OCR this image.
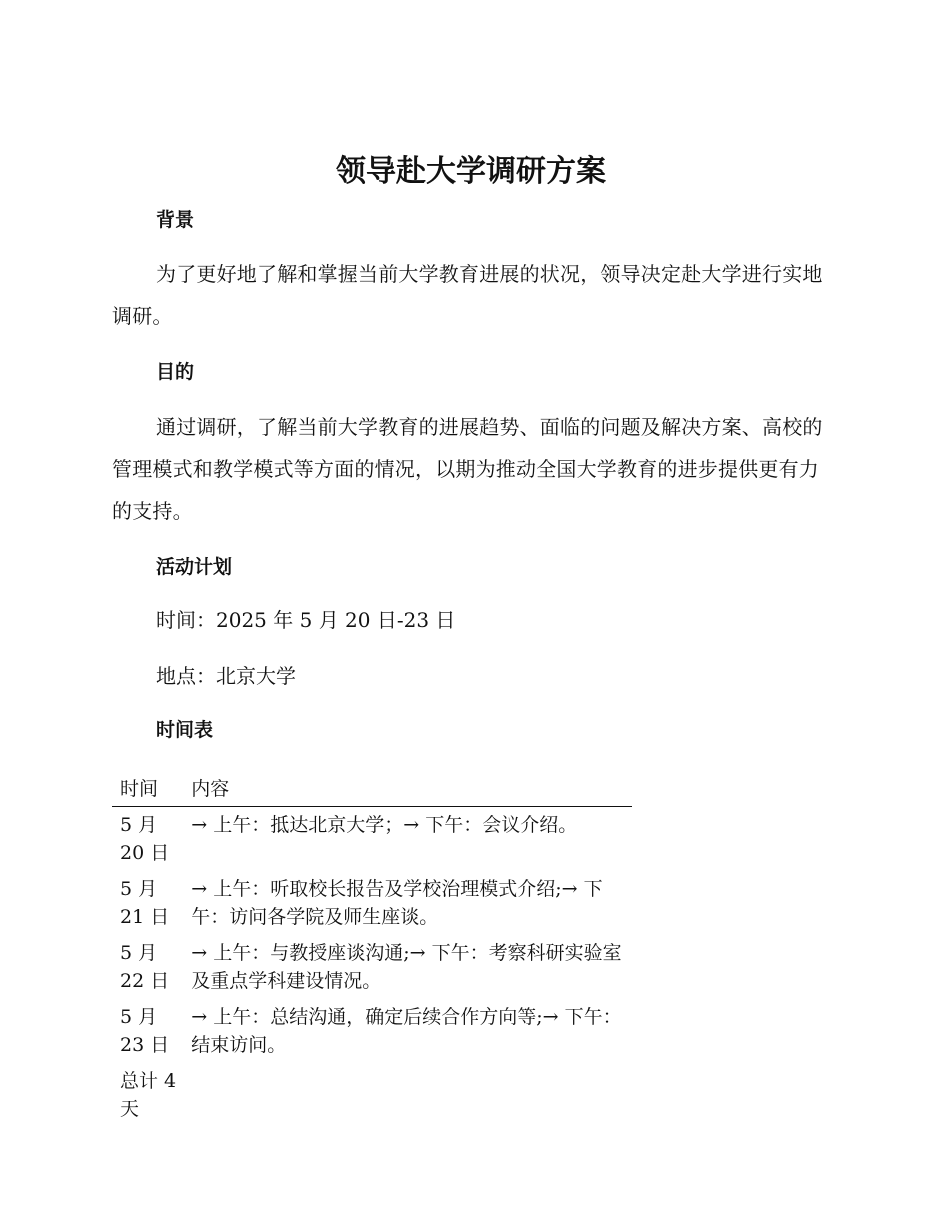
领导赴大学调研方案
背景

为了更好地了解和掌握当前大学教育进展的状况，领导决定赴大学进行实地调研。

目的

通过调研，了解当前大学教育的进展趋势、面临的问题及解决方案、高校的管理模式和教学模式等方面的情况，以期为推动全国大学教育的进步提供更有力的支持。

活动计划

时间：2025 年 5 月 20 日-23 日

地点：北京大学

时间表
时间	内容
5 月 20 日	→ 上午：抵达北京大学；→ 下午：会议介绍。
5 月 21 日	→ 上午：听取校长报告及学校治理模式介绍;→ 下午：访问各学院及师生座谈。
5 月 22 日	→ 上午：与教授座谈沟通;→ 下午：考察科研实验室及重点学科建设情况。
5 月 23 日	→ 上午：总结沟通，确定后续合作方向等;→ 下午：结束访问。
总计 4 天	
